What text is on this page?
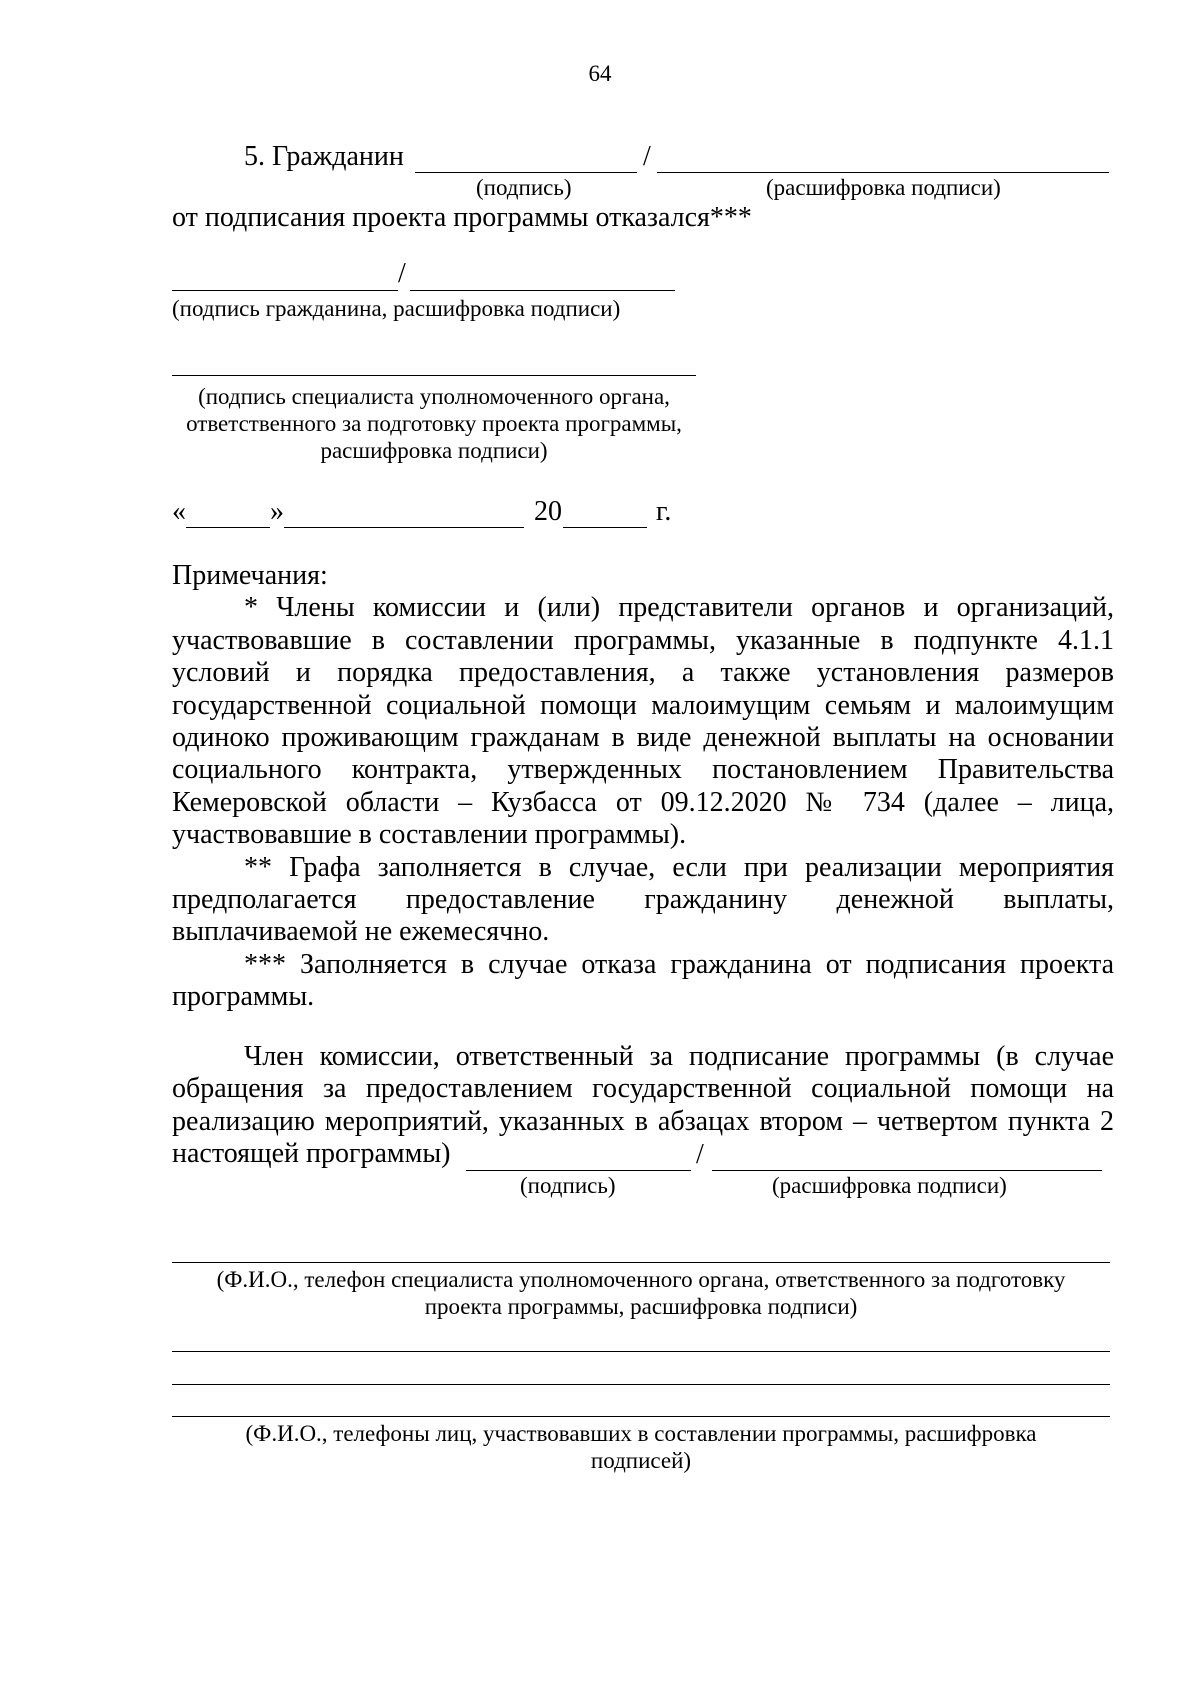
64
5. Гражданин	/
(подпись)	(расшифровка подписи)
от подписания проекта программы отказался***
/
(подпись гражданина, расшифровка подписи)
(подпись специалиста уполномоченного органа,
ответственного за подготовку проекта программы,
расшифровка подписи)
«	»	20	г.

Примечания:

* Члены комиссии и (или) представители органов и организаций, участвовавшие в составлении программы, указанные в подпункте 4.1.1 условий и порядка предоставления, а также установления размеров государственной социальной помощи малоимущим семьям и малоимущим одиноко проживающим гражданам в виде денежной выплаты на основании социального контракта, утвержденных постановлением Правительства Кемеровской области – Кузбасса от 09.12.2020 № 734 (далее – лица, участвовавшие в составлении программы).

** Графа заполняется в случае, если при реализации мероприятия предполагается предоставление гражданину денежной выплаты, выплачиваемой не ежемесячно.

*** Заполняется в случае отказа гражданина от подписания проекта программы.

Член комиссии, ответственный за подписание программы (в случае обращения за предоставлением государственной социальной помощи на реализацию мероприятий, указанных в абзацах втором – четвертом пункта 2 настоящей программы)	/
(подпись)	(расшифровка подписи)
(Ф.И.О., телефон специалиста уполномоченного органа, ответственного за подготовку
проекта программы, расшифровка подписи)
(Ф.И.О., телефоны лиц, участвовавших в составлении программы, расшифровка
подписей)
